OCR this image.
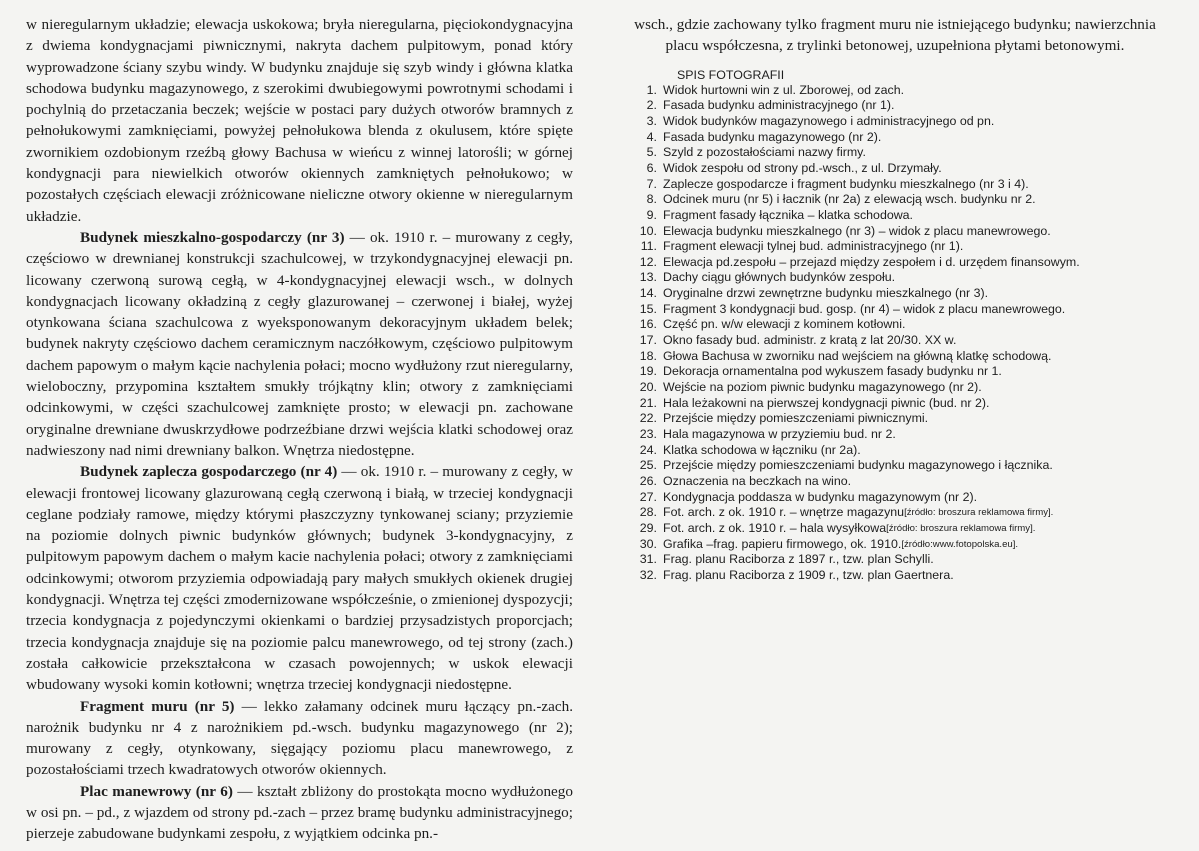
w nieregularnym układzie; elewacja uskokowa; bryła nieregularna, pięciokondygnacyjna z dwiema kondygnacjami piwnicznymi, nakryta dachem pulpitowym, ponad który wyprowadzone ściany szybu windy. W budynku znajduje się szyb windy i główna klatka schodowa budynku magazynowego, z szerokimi dwubiegowymi powrotnymi schodami i pochylnią do przetaczania beczek; wejście w postaci pary dużych otworów bramnych z pełnołukowymi zamknięciami, powyżej pełnołukowa blenda z okulusem, które spięte zwornikiem ozdobionym rzeźbą głowy Bachusa w wieńcu z winnej latorośli; w górnej kondygnacji para niewielkich otworów okiennych zamkniętych pełnołukowo; w pozostałych częściach elewacji zróżnicowane nieliczne otwory okienne w nieregularnym układzie.

Budynek mieszkalno-gospodarczy (nr 3) — ok. 1910 r. – murowany z cegły, częściowo w drewnianej konstrukcji szachulcowej, w trzykondygnacyjnej elewacji pn. licowany czerwoną surową cegłą, w 4-kondygnacyjnej elewacji wsch., w dolnych kondygnacjach licowany okładziną z cegły glazurowanej – czerwonej i białej, wyżej otynkowana ściana szachulcowa z wyeksponowanym dekoracyjnym układem belek; budynek nakryty częściowo dachem ceramicznym naczółkowym, częściowo pulpitowym dachem papowym o małym kącie nachylenia połaci; mocno wydłużony rzut nieregularny, wieloboczny, przypomina kształtem smukły trójkątny klin; otwory z zamknięciami odcinkowymi, w części szachulcowej zamknięte prosto; w elewacji pn. zachowane oryginalne drewniane dwuskrzydłowe podrzeźbiane drzwi wejścia klatki schodowej oraz nadwieszony nad nimi drewniany balkon. Wnętrza niedostępne.

Budynek zaplecza gospodarczego (nr 4) — ok. 1910 r. – murowany z cegły, w elewacji frontowej licowany glazurowaną cegłą czerwoną i białą, w trzeciej kondygnacji ceglane podziały ramowe, między którymi płaszczyzny tynkowanej sciany; przyziemie na poziomie dolnych piwnic budynków głównych; budynek 3-kondygnacyjny, z pulpitowym papowym dachem o małym kacie nachylenia połaci; otwory z zamknięciami odcinkowymi; otworom przyziemia odpowiadają pary małych smukłych okienek drugiej kondygnacji. Wnętrza tej części zmodernizowane współcześnie, o zmienionej dyspozycji; trzecia kondygnacja z pojedynczymi okienkami o bardziej przysadzistych proporcjach; trzecia kondygnacja znajduje się na poziomie palcu manewrowego, od tej strony (zach.) została całkowicie przekształcona w czasach powojennych; w uskok elewacji wbudowany wysoki komin kotłowni; wnętrza trzeciej kondygnacji niedostępne.

Fragment muru (nr 5) — lekko załamany odcinek muru łączący pn.-zach. narożnik budynku nr 4 z narożnikiem pd.-wsch. budynku magazynowego (nr 2); murowany z cegły, otynkowany, sięgający poziomu placu manewrowego, z pozostałościami trzech kwadratowych otworów okiennych.

Plac manewrowy (nr 6) — kształt zbliżony do prostokąta mocno wydłużonego w osi pn. – pd., z wjazdem od strony pd.-zach – przez bramę budynku administracyjnego; pierzeje zabudowane budynkami zespołu, z wyjątkiem odcinka pn.-

wsch., gdzie zachowany tylko fragment muru nie istniejącego budynku; nawierzchnia placu współczesna, z trylinki betonowej, uzupełniona płytami betonowymi.

SPIS FOTOGRAFII
1. Widok hurtowni win z ul. Zborowej, od zach.
2. Fasada budynku administracyjnego (nr 1).
3. Widok budynków magazynowego i administracyjnego od pn.
4. Fasada budynku magazynowego (nr 2).
5. Szyld z pozostałościami nazwy firmy.
6. Widok zespołu od strony pd.-wsch., z ul. Drzymały.
7. Zaplecze gospodarcze i fragment budynku mieszkalnego (nr 3 i 4).
8. Odcinek muru (nr 5) i łacznik (nr 2a) z elewacją wsch. budynku nr 2.
9. Fragment fasady łącznika – klatka schodowa.
10. Elewacja budynku mieszkalnego (nr 3) – widok z placu manewrowego.
11. Fragment elewacji tylnej bud. administracyjnego (nr 1).
12. Elewacja pd.zespołu – przejazd między zespołem i d. urzędem finansowym.
13. Dachy ciągu głównych budynków zespołu.
14. Oryginalne drzwi zewnętrzne budynku mieszkalnego (nr 3).
15. Fragment 3 kondygnacji bud. gosp. (nr 4) – widok z placu manewrowego.
16. Część pn. w/w elewacji z kominem kotłowni.
17. Okno fasady bud. administr. z kratą z lat 20/30. XX w.
18. Głowa Bachusa w zworniku nad wejściem na główną klatkę schodową.
19. Dekoracja ornamentalna pod wykuszem fasady budynku nr 1.
20. Wejście na poziom piwnic budynku magazynowego (nr 2).
21. Hala leżakowni na pierwszej kondygnacji piwnic (bud. nr 2).
22. Przejście między pomieszczeniami piwnicznymi.
23. Hala magazynowa w przyziemiu bud. nr 2.
24. Klatka schodowa w łączniku (nr 2a).
25. Przejście między pomieszczeniami budynku magazynowego i łącznika.
26. Oznaczenia na beczkach na wino.
27. Kondygnacja poddasza w budynku magazynowym (nr 2).
28. Fot. arch. z ok. 1910 r. – wnętrze magazynu [źródło: broszura reklamowa firmy].
29. Fot. arch. z ok. 1910 r. – hala wysyłkowa [źródło: broszura reklamowa firmy].
30. Grafika –frag. papieru firmowego, ok. 1910. [źródło:www.fotopolska.eu].
31. Frag. planu Raciborza z 1897 r., tzw. plan Schylli.
32. Frag. planu Raciborza z 1909 r., tzw. plan Gaertnera.
